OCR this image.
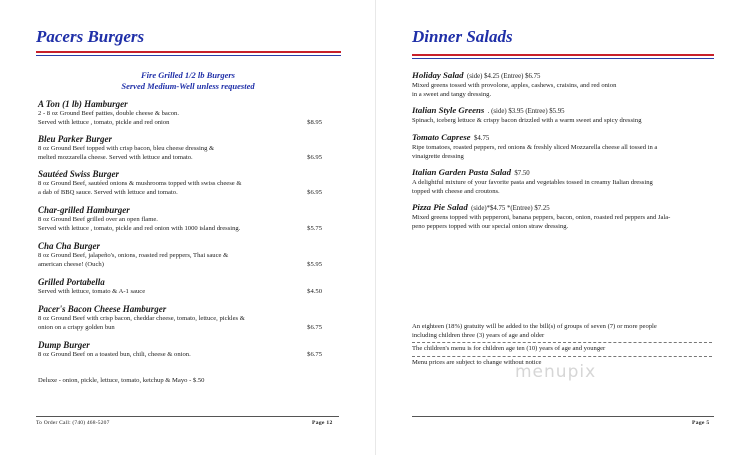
Pacers Burgers
Fire Grilled 1/2 lb Burgers
Served Medium-Well unless requested
A Ton (1 lb) Hamburger
2 - 8 oz Ground Beef patties, double cheese & bacon.
Served with lettuce , tomato, pickle and red onion	$8.95
Bleu Parker Burger
8 oz Ground Beef topped with crisp bacon, bleu cheese dressing &
melted mozzarella cheese. Served with lettuce and tomato.	$6.95
Sautéed Swiss Burger
8 oz Ground Beef, sautéed onions & mushrooms topped with swiss cheese &
a dab of BBQ sauce. Served with lettuce and tomato.	$6.95
Char-grilled Hamburger
8 oz Ground Beef grilled over an open flame.
Served with lettuce , tomato, pickle and red onion with 1000 island dressing.	$5.75
Cha Cha Burger
8 oz Ground Beef, jalapeño's, onions, roasted red peppers, Thai sauce &
american cheese! (Ouch)	$5.95
Grilled Portabella
Served with lettuce, tomato & A-1 sauce	$4.50
Pacer's Bacon Cheese Hamburger
8 oz Ground Beef with crisp bacon, cheddar cheese, tomato, lettuce, pickles &
onion on a crispy golden bun	$6.75
Dump Burger
8 oz Ground Beef on a toasted bun, chili, cheese & onion.	$6.75
Deluxe - onion, pickle, lettuce, tomato, ketchup & Mayo - $.50
To Order Call: (740) 468-5207	Page 12
Dinner Salads
Holiday Salad (side) $4.25 (Entree) $6.75
Mixed greens tossed with provolone, apples, cashews, craisins, and red onion
in a sweet and tangy dressing.
Italian Style Greens . (side) $3.95 (Entree) $5.95
Spinach, iceberg lettuce & crispy bacon drizzled with a warm sweet and spicy dressing
Tomato Caprese $4.75
Ripe tomatoes, roasted peppers, red onions & freshly sliced Mozzarella cheese all tossed in a
vinaigrette dressing
Italian Garden Pasta Salad $7.50
A delightful mixture of your favorite pasta and vegetables tossed in creamy Italian dressing
topped with cheese and croutons.
Pizza Pie Salad (side)*$4.75 *(Entree) $7.25
Mixed greens topped with pepperoni, banana peppers, bacon, onion, roasted red peppers and Jala-
peno peppers topped with our special onion straw dressing.
An eighteen (18%) gratuity will be added to the bill(s) of groups of seven (7) or more people
including children three (3) years of age and older
The children's menu is for children age ten (10) years of age and younger
Menu prices are subject to change without notice
menupix
Page 5
